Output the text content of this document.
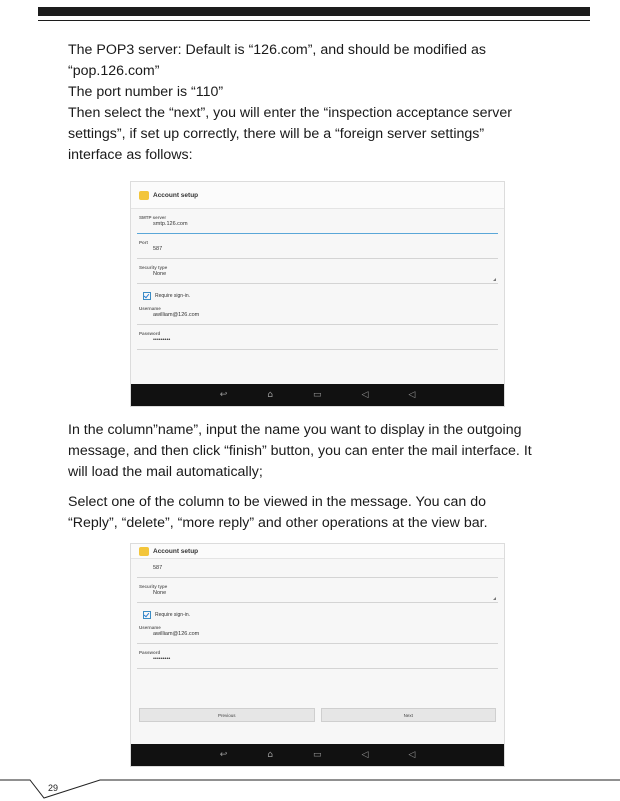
The POP3 server: Default is “126.com”, and should be modified as

“pop.126.com”

The port number is “110”

Then select the “next”, you will enter the “inspection acceptance server

settings”, if set up correctly, there will be a “foreign server settings”

interface as follows:

Account setup
SMTP server
smtp.126.com
Port
587
Security type
None
Require sign-in.
Username
awilliam@126.com
Password
•••••••••
↩	⌂	▭	◁	◁

In the column”name”, input the name you want to display in the outgoing

message, and then click “finish” button, you can enter the mail interface. It

will load the mail automatically;

Select one of the column to be viewed in the message. You can do

“Reply”, “delete”, “more reply” and other operations at the view bar.

Account setup
587
Security type
None
Require sign-in.
Username
awilliam@126.com
Password
•••••••••
Previous	Next
↩	⌂	▭	◁	◁
29
